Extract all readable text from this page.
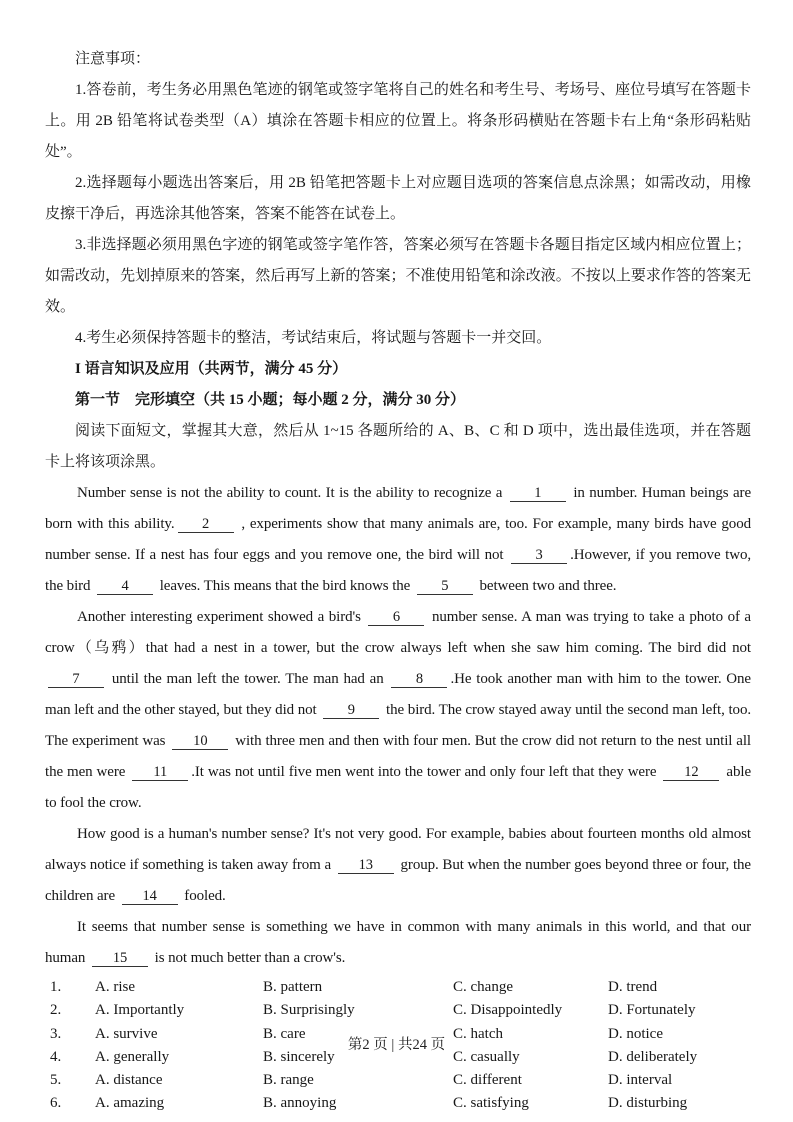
注意事项：

1.答卷前，考生务必用黑色笔迹的钢笔或签字笔将自己的姓名和考生号、考场号、座位号填写在答题卡上。用 2B 铅笔将试卷类型（A）填涂在答题卡相应的位置上。将条形码横贴在答题卡右上角“条形码粘贴处”。

2.选择题每小题选出答案后，用 2B 铅笔把答题卡上对应题目选项的答案信息点涂黑；如需改动，用橡皮擦干净后，再选涂其他答案，答案不能答在试卷上。

3.非选择题必须用黑色字迹的钢笔或签字笔作答，答案必须写在答题卡各题目指定区域内相应位置上；如需改动，先划掉原来的答案，然后再写上新的答案；不准使用铅笔和涂改液。不按以上要求作答的答案无效。

4.考生必须保持答题卡的整洁，考试结束后，将试题与答题卡一并交回。

I 语言知识及应用（共两节，满分 45 分）

第一节　完形填空（共 15 小题；每小题 2 分，满分 30 分）

阅读下面短文，掌握其大意，然后从 1~15 各题所给的 A、B、C 和 D 项中，选出最佳选项，并在答题卡上将该项涂黑。

Number sense is not the ability to count. It is the ability to recognize a 1 in number. Human beings are born with this ability. 2 , experiments show that many animals are, too. For example, many birds have good number sense. If a nest has four eggs and you remove one, the bird will not 3 .However, if you remove two, the bird 4 leaves. This means that the bird knows the 5 between two and three.

Another interesting experiment showed a bird's 6 number sense. A man was trying to take a photo of a crow（乌鸦）that had a nest in a tower, but the crow always left when she saw him coming. The bird did not 7 until the man left the tower. The man had an 8 .He took another man with him to the tower. One man left and the other stayed, but they did not 9 the bird. The crow stayed away until the second man left, too. The experiment was 10 with three men and then with four men. But the crow did not return to the nest until all the men were 11 .It was not until five men went into the tower and only four left that they were 12 able to fool the crow.

How good is a human's number sense? It's not very good. For example, babies about fourteen months old almost always notice if something is taken away from a 13 group. But when the number goes beyond three or four, the children are 14 fooled.

It seems that number sense is something we have in common with many animals in this world, and that our human 15 is not much better than a crow's.

1.	A. rise	B. pattern	C. change	D. trend
2.	A. Importantly	B. Surprisingly	C. Disappointedly	D. Fortunately
3.	A. survive	B. care	C. hatch	D. notice
4.	A. generally	B. sincerely	C. casually	D. deliberately
5.	A. distance	B. range	C. different	D. interval
6.	A. amazing	B. annoying	C. satisfying	D. disturbing
第2 页 | 共24 页
